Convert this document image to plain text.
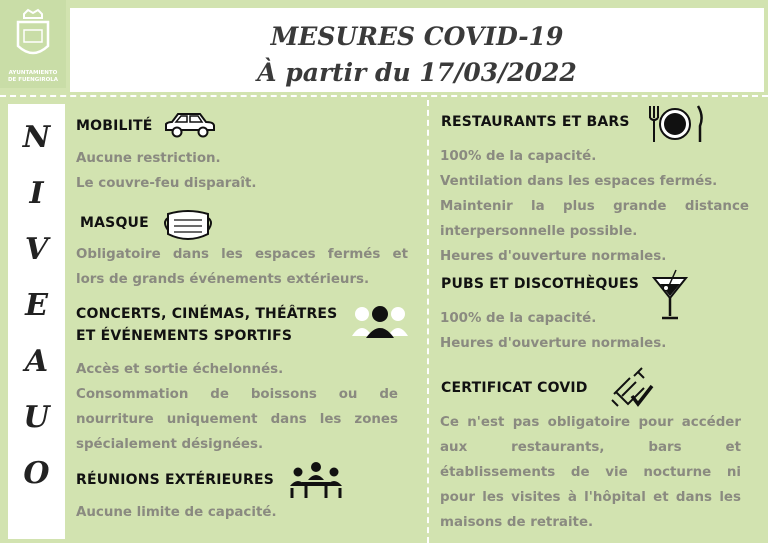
AYUNTAMIENTO
DE FUENGIROLA
MESURES COVID-19
À partir du 17/03/2022
N
I
V
E
A
U
O
MOBILITÉ
Aucune restriction.
Le couvre-feu disparaît.
MASQUE
Obligatoire dans les espaces fermés et
lors de grands événements extérieurs.
CONCERTS, CINÉMAS, THÉÂTRES
ET ÉVÉNEMENTS SPORTIFS
Accès et sortie échelonnés.
Consommation de boissons ou de
nourriture uniquement dans les zones
spécialement désignées.
RÉUNIONS EXTÉRIEURES
Aucune limite de capacité.
RESTAURANTS ET BARS
100% de la capacité.
Ventilation dans les espaces fermés.
Maintenir la plus grande distance
interpersonnelle possible.
Heures d'ouverture normales.
PUBS ET DISCOTHÈQUES
100% de la capacité.
Heures d'ouverture normales.
CERTIFICAT COVID
Ce n'est pas obligatoire pour accéder
aux restaurants, bars et
établissements de vie nocturne ni
pour les visites à l'hôpital et dans les
maisons de retraite.
